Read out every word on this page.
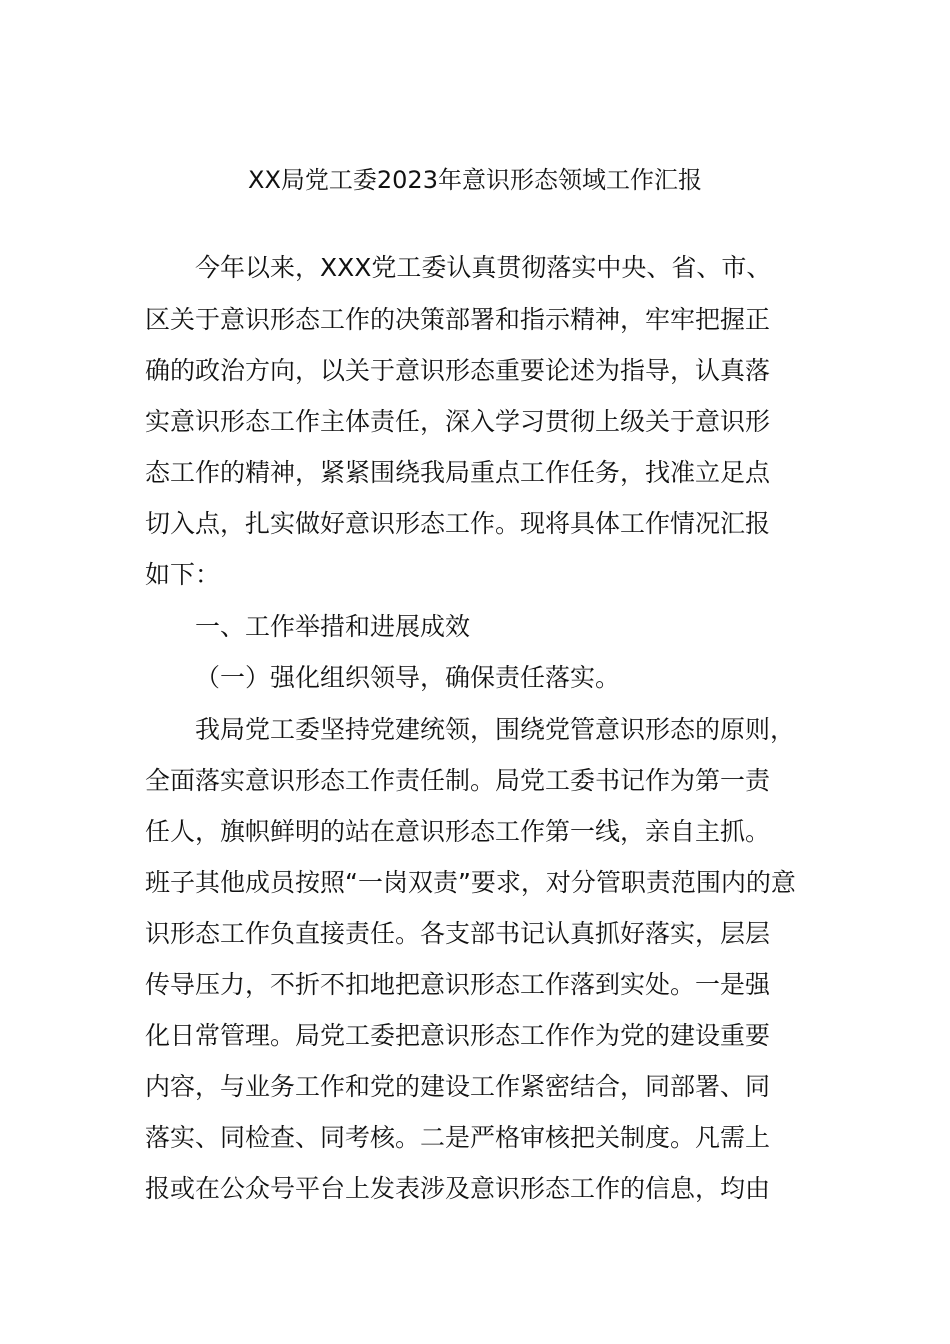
XX局党工委2023年意识形态领域工作汇报

今年以来，XXX党工委认真贯彻落实中央、省、市、

区关于意识形态工作的决策部署和指示精神，牢牢把握正

确的政治方向，以关于意识形态重要论述为指导，认真落

实意识形态工作主体责任，深入学习贯彻上级关于意识形

态工作的精神，紧紧围绕我局重点工作任务，找准立足点

切入点，扎实做好意识形态工作。现将具体工作情况汇报

如下：

一、工作举措和进展成效

（一）强化组织领导，确保责任落实。

我局党工委坚持党建统领，围绕党管意识形态的原则，

全面落实意识形态工作责任制。局党工委书记作为第一责

任人，旗帜鲜明的站在意识形态工作第一线，亲自主抓。

班子其他成员按照“一岗双责”要求，对分管职责范围内的意

识形态工作负直接责任。各支部书记认真抓好落实，层层

传导压力，不折不扣地把意识形态工作落到实处。一是强

化日常管理。局党工委把意识形态工作作为党的建设重要

内容，与业务工作和党的建设工作紧密结合，同部署、同

落实、同检查、同考核。二是严格审核把关制度。凡需上

报或在公众号平台上发表涉及意识形态工作的信息，均由
